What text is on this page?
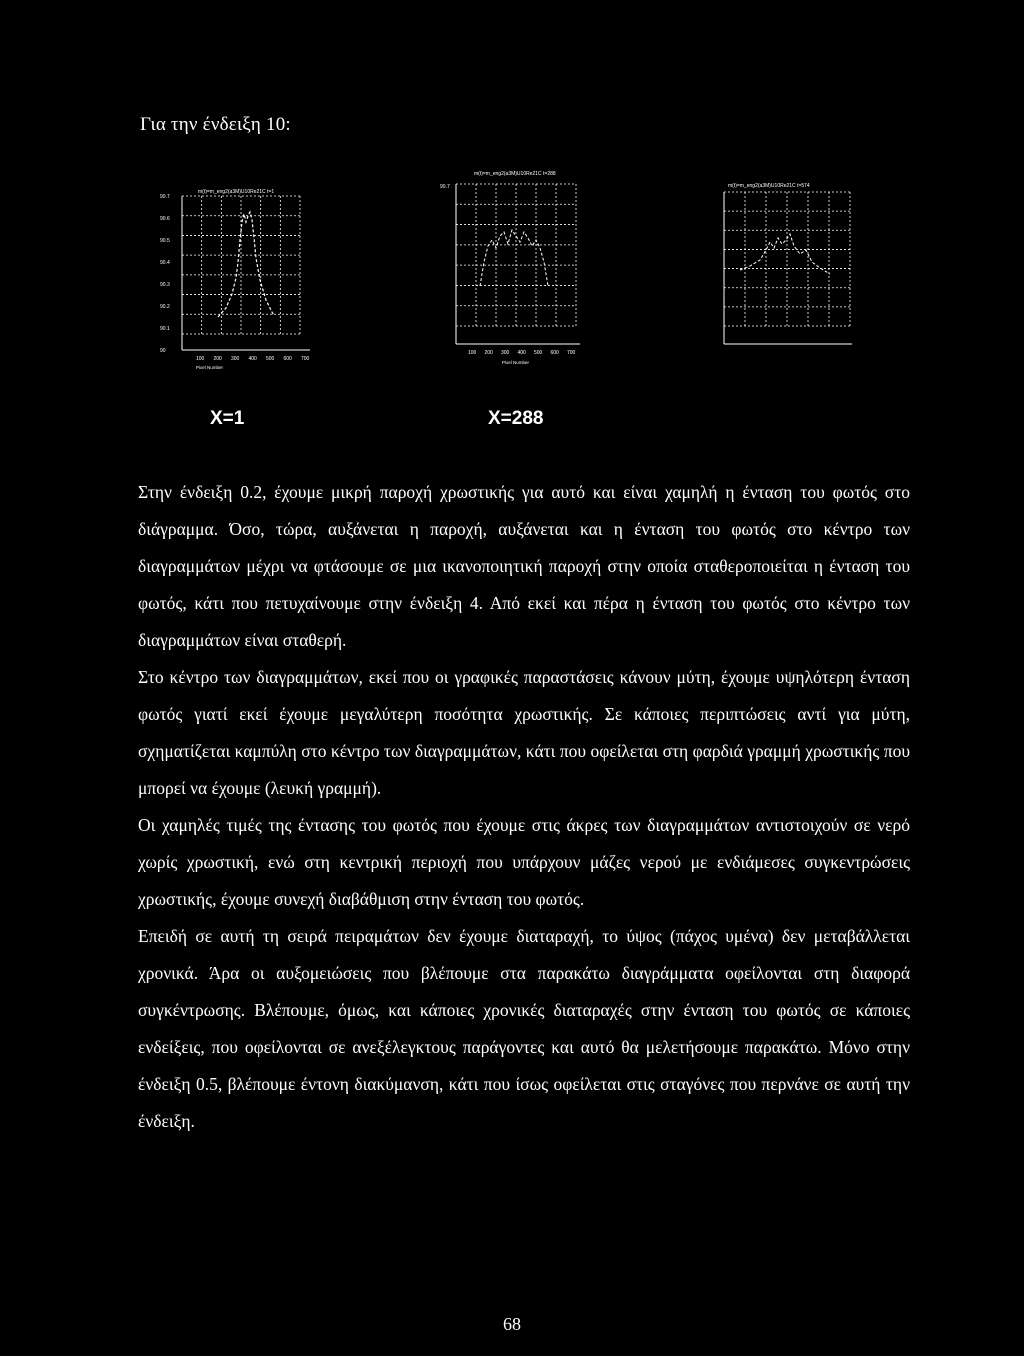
Για την ένδειξη 10:
m(t)=m_eng2(a3M)U10Re21C t=1
90.7
90.6
90.5
90.4
90.3
90.2
90.1
90
100 200 300 400 500 600 700
Pixel Number
m(t)=m_eng2(a3M)U10Re21C t=288
90.7
100 200 300 400 500 600 700
Pixel Number
m(t)=m_eng2(a3M)U10Re21C t=574
X=1	X=288

Στην ένδειξη 0.2, έχουμε μικρή παροχή χρωστικής για αυτό και είναι χαμηλή η ένταση του φωτός στο διάγραμμα. Όσο, τώρα, αυξάνεται η παροχή, αυξάνεται και η ένταση του φωτός στο κέντρο των διαγραμμάτων μέχρι να φτάσουμε σε μια ικανοποιητική παροχή στην οποία σταθεροποιείται η ένταση του φωτός, κάτι που πετυχαίνουμε στην ένδειξη 4. Από εκεί και πέρα η ένταση του φωτός στο κέντρο των διαγραμμάτων είναι σταθερή.

Στο κέντρο των διαγραμμάτων, εκεί που οι γραφικές παραστάσεις κάνουν μύτη, έχουμε υψηλότερη ένταση φωτός γιατί εκεί έχουμε μεγαλύτερη ποσότητα χρωστικής. Σε κάποιες περιπτώσεις αντί για μύτη, σχηματίζεται καμπύλη στο κέντρο των διαγραμμάτων, κάτι που οφείλεται στη φαρδιά γραμμή χρωστικής που μπορεί να έχουμε (λευκή γραμμή).

Οι χαμηλές τιμές της έντασης του φωτός που έχουμε στις άκρες των διαγραμμάτων αντιστοιχούν σε νερό χωρίς χρωστική, ενώ στη κεντρική περιοχή που υπάρχουν μάζες νερού με ενδιάμεσες συγκεντρώσεις χρωστικής, έχουμε συνεχή διαβάθμιση στην ένταση του φωτός.

Επειδή σε αυτή τη σειρά πειραμάτων δεν έχουμε διαταραχή, το ύψος (πάχος υμένα) δεν μεταβάλλεται χρονικά. Άρα οι αυξομειώσεις που βλέπουμε στα παρακάτω διαγράμματα οφείλονται στη διαφορά συγκέντρωσης. Βλέπουμε, όμως, και κάποιες χρονικές διαταραχές στην ένταση του φωτός σε κάποιες ενδείξεις, που οφείλονται σε ανεξέλεγκτους παράγοντες και αυτό θα μελετήσουμε παρακάτω. Μόνο στην ένδειξη 0.5, βλέπουμε έντονη διακύμανση, κάτι που ίσως οφείλεται στις σταγόνες που περνάνε σε αυτή την ένδειξη.

68
